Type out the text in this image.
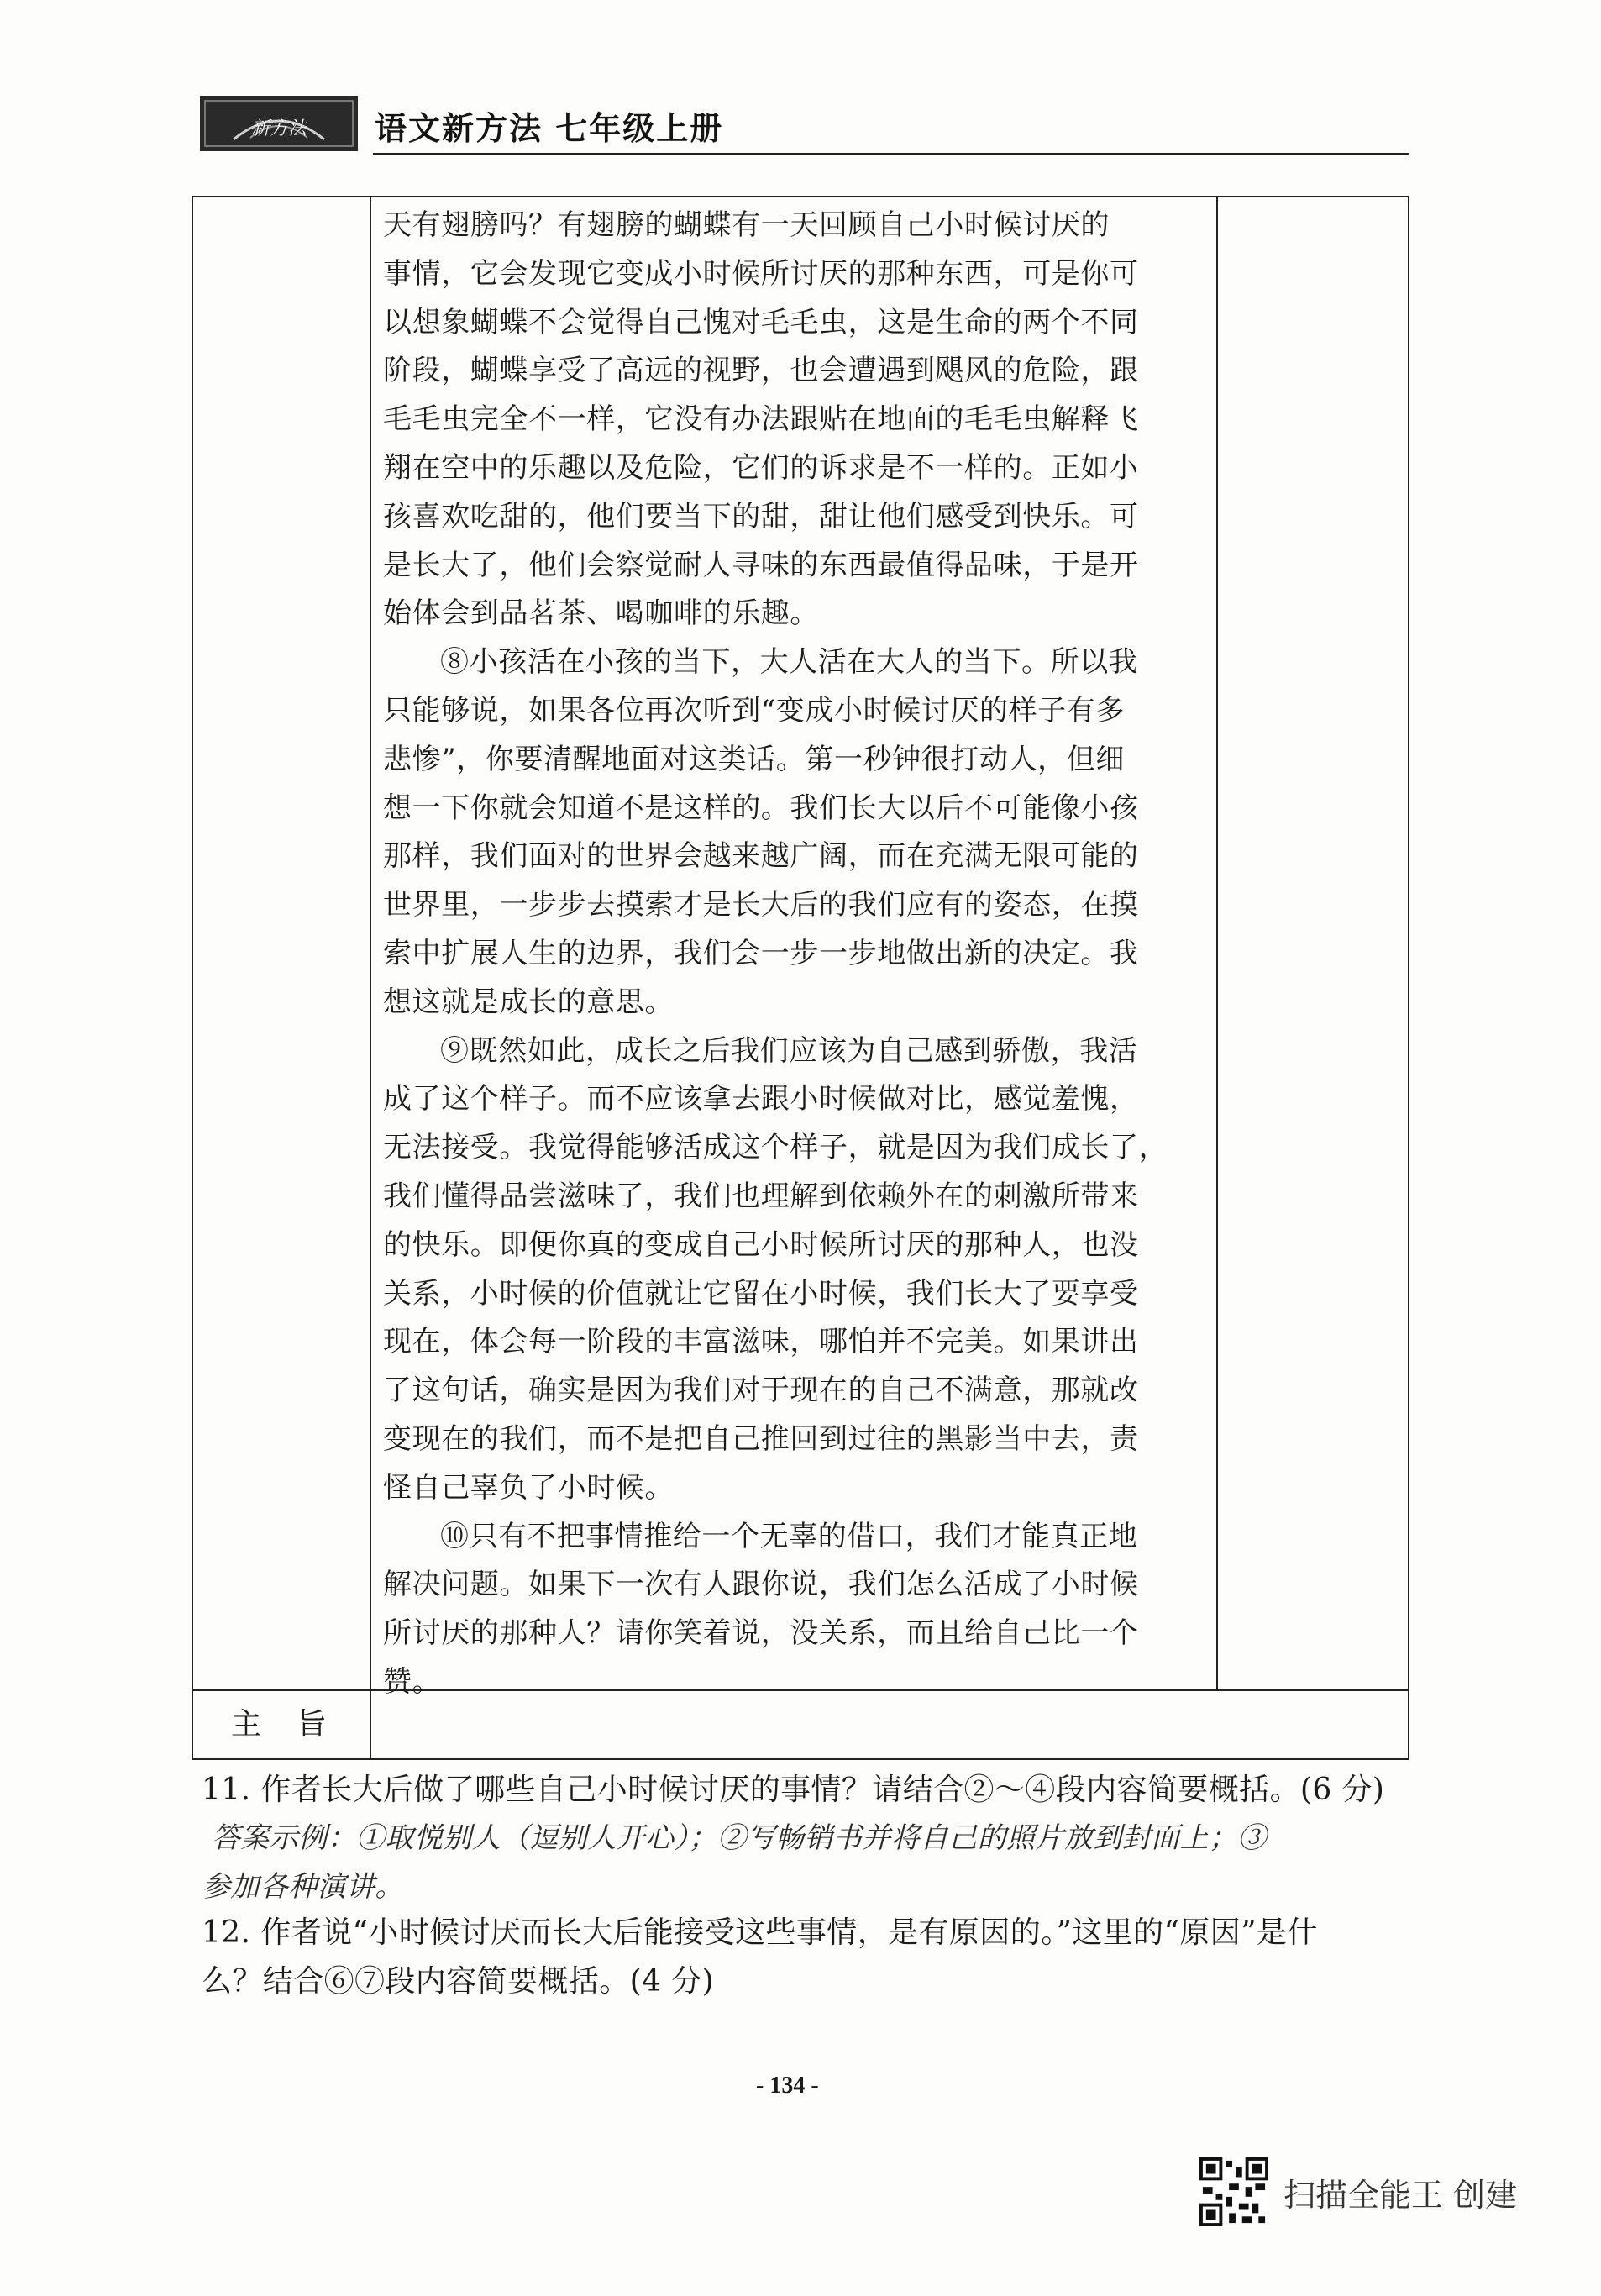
新方法 语文新方法 七年级上册
天有翅膀吗？有翅膀的蝴蝶有一天回顾自己小时候讨厌的
事情，它会发现它变成小时候所讨厌的那种东西，可是你可
以想象蝴蝶不会觉得自己愧对毛毛虫，这是生命的两个不同
阶段，蝴蝶享受了高远的视野，也会遭遇到飓风的危险，跟
毛毛虫完全不一样，它没有办法跟贴在地面的毛毛虫解释飞
翔在空中的乐趣以及危险，它们的诉求是不一样的。正如小
孩喜欢吃甜的，他们要当下的甜，甜让他们感受到快乐。可
是长大了，他们会察觉耐人寻味的东西最值得品味，于是开
始体会到品茗茶、喝咖啡的乐趣。
⑧小孩活在小孩的当下，大人活在大人的当下。所以我
只能够说，如果各位再次听到“变成小时候讨厌的样子有多
悲惨”，你要清醒地面对这类话。第一秒钟很打动人，但细
想一下你就会知道不是这样的。我们长大以后不可能像小孩
那样，我们面对的世界会越来越广阔，而在充满无限可能的
世界里，一步步去摸索才是长大后的我们应有的姿态，在摸
索中扩展人生的边界，我们会一步一步地做出新的决定。我
想这就是成长的意思。
⑨既然如此，成长之后我们应该为自己感到骄傲，我活
成了这个样子。而不应该拿去跟小时候做对比，感觉羞愧，
无法接受。我觉得能够活成这个样子，就是因为我们成长了，
我们懂得品尝滋味了，我们也理解到依赖外在的刺激所带来
的快乐。即便你真的变成自己小时候所讨厌的那种人，也没
关系，小时候的价值就让它留在小时候，我们长大了要享受
现在，体会每一阶段的丰富滋味，哪怕并不完美。如果讲出
了这句话，确实是因为我们对于现在的自己不满意，那就改
变现在的我们，而不是把自己推回到过往的黑影当中去，责
怪自己辜负了小时候。
⑩只有不把事情推给一个无辜的借口，我们才能真正地
解决问题。如果下一次有人跟你说，我们怎么活成了小时候
所讨厌的那种人？请你笑着说，没关系，而且给自己比一个
赞。
主旨
11. 作者长大后做了哪些自己小时候讨厌的事情？请结合②～④段内容简要概括。(6 分)
答案示例：①取悦别人（逗别人开心）；②写畅销书并将自己的照片放到封面上；③
参加各种演讲。
12. 作者说“小时候讨厌而长大后能接受这些事情，是有原因的。”这里的“原因”是什
么？结合⑥⑦段内容简要概括。(4 分)
- 134 -
扫描全能王 创建
